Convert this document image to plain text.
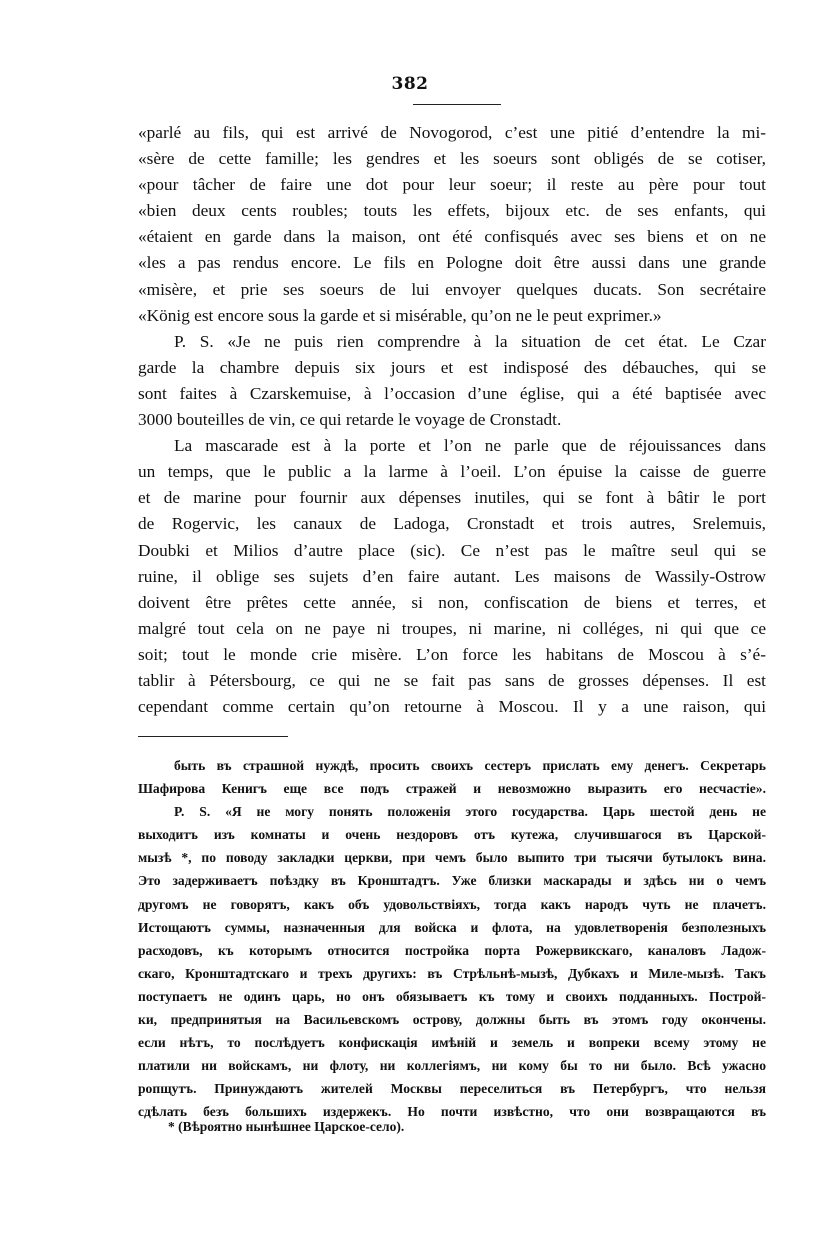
382

«parlé au fils, qui est arrivé de Novogorod, c’est une pitié d’entendre la mi-

«sère de cette famille; les gendres et les soeurs sont obligés de se cotiser,

«pour tâcher de faire une dot pour leur soeur; il reste au père pour tout

«bien deux cents roubles; touts les effets, bijoux etc. de ses enfants, qui

«étaient en garde dans la maison, ont été confisqués avec ses biens et on ne

«les a pas rendus encore. Le fils en Pologne doit être aussi dans une grande

«misère, et prie ses soeurs de lui envoyer quelques ducats. Son secrétaire

«König est encore sous la garde et si misérable, qu’on ne le peut exprimer.»

P. S. «Je ne puis rien comprendre à la situation de cet état. Le Czar

garde la chambre depuis six jours et est indisposé des débauches, qui se

sont faites à Czarskemuise, à l’occasion d’une église, qui a été baptisée avec

3000 bouteilles de vin, ce qui retarde le voyage de Cronstadt.

La mascarade est à la porte et l’on ne parle que de réjouissances dans

un temps, que le public a la larme à l’oeil. L’on épuise la caisse de guerre

et de marine pour fournir aux dépenses inutiles, qui se font à bâtir le port

de Rogervic, les canaux de Ladoga, Cronstadt et trois autres, Srelemuis,

Doubki et Milios d’autre place (sic). Ce n’est pas le maître seul qui se

ruine, il oblige ses sujets d’en faire autant. Les maisons de Wassily-Ostrow

doivent être prêtes cette année, si non, confiscation de biens et terres, et

malgré tout cela on ne paye ni troupes, ni marine, ni colléges, ni qui que ce

soit; tout le monde crie misère. L’on force les habitans de Moscou à s’é-

tablir à Pétersbourg, ce qui ne se fait pas sans de grosses dépenses. Il est

cependant comme certain qu’on retourne à Moscou. Il y a une raison, qui

быть въ страшной нуждѣ, просить своихъ сестеръ прислать ему денегъ. Секретарь

Шафирова Кенигъ еще все подъ стражей и невозможно выразить его несчастіе».

P. S. «Я не могу понять положенія этого государства. Царь шестой день не

выходитъ изъ комнаты и очень нездоровъ отъ кутежа, случившагося въ Царской-

мызѣ *, по поводу закладки церкви, при чемъ было выпито три тысячи бутылокъ вина.

Это задерживаетъ поѣздку въ Кронштадтъ. Уже близки маскарады и здѣсь ни о чемъ

другомъ не говорятъ, какъ объ удовольствіяхъ, тогда какъ народъ чуть не плачетъ.

Истощаютъ суммы, назначенныя для войска и флота, на удовлетворенія безполезныхъ

расходовъ, къ которымъ относится постройка порта Рожервикскаго, каналовъ Ладож-

скаго, Кронштадтскаго и трехъ другихъ: въ Стрѣльнѣ-мызѣ, Дубкахъ и Миле-мызѣ. Такъ

поступаетъ не одинъ царь, но онъ обязываетъ къ тому и своихъ подданныхъ. Построй-

ки, предпринятыя на Васильевскомъ острову, должны быть въ этомъ году окончены.

если нѣтъ, то послѣдуетъ конфискація имѣній и земель и вопреки всему этому не

платили ни войскамъ, ни флоту, ни коллегіямъ, ни кому бы то ни было. Всѣ ужасно

ропщутъ. Принуждаютъ жителей Москвы переселиться въ Петербургъ, что нельзя

сдѣлать безъ большихъ издержекъ. Но почти извѣстно, что они возвращаются въ

* (Вѣроятно нынѣшнее Царское-село).
